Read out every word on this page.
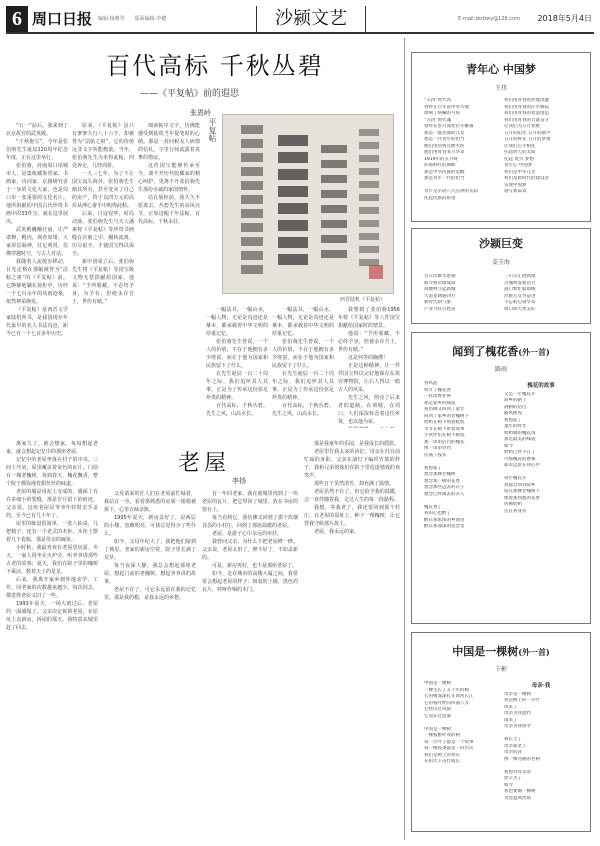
6 周口日报 编辑:杨雅琴　　版面编辑:李健	沙颍文艺	E-mail:zkrbwy@126.com 2018年5月4日
百代高标 千秋丛碧
——《平复帖》前的遐思
张恩岭

“五一”前后，我来到了北京故宫的武英殿。

“千秋抱宝”，今年是张伯驹先生诞辰120周年纪念年度，正在这里举行。

张伯驹，河南周口项城市人，是集收藏鉴赏家、书画家、诗词家、京剧研究者于一身的文化大家，也是周口市一张重要的文化名片。他所捐献的中国古代珍贵书画中的33件宝，就在这里展出。

武英殿巍峨壮丽，庄严肃穆，殿内，观者如堵。大家屏息凝神，驻足观赏，仿佛穿越时空，与古人对话。

我随着人流缓步移动，目光定格在那幅被誉为“法帖之祖”的《平复帖》前。它静静地躺在展柜中，历经一千七百余年的风雨沧桑，依然神采焕发。

《平复帖》是西晋文学家陆机所书，是我国现存年代最早的名人书法真迹，距今已有一千七百多年历史。

原来，《平复帖》虽只有寥寥九行八十六字，却被誉为“法帖之祖”，它的价值远非文字所能衡量。当年，张伯驹先生为求得此帖，四处奔走，几经周折。

一九三七年，为了不让国宝流失海外，张伯驹先生倾其所有，甚至变卖了自己的房产，终于以四万元的高价从溥心畬手中购得此帖。

后来，日寇侵华，时局动荡，张伯驹先生与夫人潘素将《平复帖》等珍贵书画缝在衣被之中，辗转流离，历尽艰辛，才使国宝得以保全。

新中国成立后，张伯驹先生将《平复帖》等国宝级文物无偿捐献给国家，他说：“予所收藏，不必终予身，为予有，但使永存吾土，世传有绪。”

细读帖中文字，仿佛能感受到陆机当年提笔时的心绪。那是一封问候友人病情的信札，字里行间流露着真挚的情谊。

这件国宝能够传承至今，离不开历代收藏家的精心呵护，更离不开张伯驹先生那份赤诚的家国情怀。

站在展柜前，我久久不愿离去。丛碧先生的高风亮节，正如这幅千年法帖，百代高标，千秋永驻。

平复帖
西晋陆机《平复帖》

一幅法书，一幅山水，一幅人物，无论是真迹还是摹本，都承载着中华文明的厚重记忆。

张伯驹先生曾说，一个人的价值，不在于他拥有多少财富，而在于他为国家和民族留下了什么。

在先生诞辰一百二十周年之际，我们追怀其人其事，正是为了传承这份弥足珍贵的精神。

百代高标，千秋丛碧。先生之风，山高水长。

一幅法书，一幅山水，一幅人物，无论是真迹还是摹本，都承载着中华文明的厚重记忆。

张伯驹先生曾说，一个人的价值，不在于他拥有多少财富，而在于他为国家和民族留下了什么。

在先生诞辰一百二十周年之际，我们追怀其人其事，正是为了传承这份弥足珍贵的精神。

百代高标，千秋丛碧。先生之风，山高水长。

我想到了张伯驹1956年将《平复帖》等八件国宝捐献给国家时的情景。

他说：“予所收藏，不必终予身，但使永存吾土，世传有绪。”

这是何等的胸襟！

正是这种精神，让一件件国宝得以完好地保存在故宫博物院，让后人得以一睹古人的风采。

先生之风，照亮了后来者的道路。在项城，在周口，人们深深怀念着这位乡贤，也以他为荣。

老屋
李扬

离家久了，就会想家。每每想起老家，就会想起记忆中的那座老屋。

记忆中的老屋坐落在村子的中央，三间土坯房，屋顶覆盖着灰色的瓦片。门前有一棵老槐树，每到春天，槐花飘香，整个院子都弥漫着甜丝丝的味道。

老屋的墙是用泥土夯成的，墙面上有许多细小的裂缝，那是岁月留下的痕迹。父亲说，这座老屋是爷爷年轻时亲手盖的，至今已有几十年了。

屋里的陈设很简单，一张八仙桌，几把椅子，还有一个老式的木柜。木柜上摆着几个瓷瓶，那是母亲的嫁妆。

小时候，我最喜欢在老屋里玩耍。冬天，一家人围坐在火炉旁，听爷爷讲那些古老的故事；夏天，我们在院子里的槐树下乘凉，数着天上的星星。

后来，我离开家乡到外地求学、工作，回老家的次数越来越少。每次回去，都觉得老屋又旧了一些。

1993年夏天，一场大雨过后，老屋的一面墙塌了。父亲决定拆掉老屋，在原址上盖新房。拆屋的那天，我特意从城里赶了回去。

父母请来的匠人们在老屋前忙碌着，我站在一旁，看着那熟悉的房梁一根根被拆下，心里五味杂陈。

1995年夏天，新房盖好了，是两层的小楼，宽敞明亮。可我总觉得少了些什么。

如今，父母年纪大了，我把他们接到了城里。老家的新房空着，院子里长满了荒草。

每当夜深人静，我总会想起那座老屋，想起门前的老槐树，想起爷爷讲的故事。

老屋不在了，可它永远留在我的记忆里。那是我的根，是我永远的乡愁。

有一年回老家，我在废墟里找到了一块老屋的瓦片，把它带回了城里，放在书房的窗台上。

每当看到它，我仿佛又回到了那个炊烟袅袅的小村庄，回到了那座温暖的老屋。

老屋，是游子心中永远的牵挂。

我曾问父亲，为什么不把老屋修一修。父亲说，老屋太旧了，修不好了，不如盖新的。

可是，新房再好，也不是那座老屋了。

如今，走在城市的高楼大厦之间，我常常会想起老屋的样子：斑驳的土墙，黑色的瓦片，吱呀作响的木门。

那是我童年的乐园，是我成长的摇篮。

老屋里有我太多的回忆：母亲在灶台前忙碌的身影，父亲在油灯下编织竹篮的样子，我和兄弟姐妹们在院子里追逐嬉戏的欢笑声。

那些日子虽然清苦，却充满了温情。

老屋虽然不在了，但它给予我的温暖，会一直伴随着我，走过人生的每一段路程。

我想，等我老了，我还要回到那个村庄，在老屋的原址上，种下一棵槐树，让它替我守候那片故土。

老屋，我永远的家。

青年心 中国梦
王伟
“五四”时代风
曾经在百年前中华大地
吹响了呐喊的号角
“五四”时代魂
曾经在岁月深处拉开帷幕
那是一群热血的儿女
那是一代青年的担当
他们用热情点燃火炬
他们用青春书写华章
1919年的五月呀
你那鲜红的旗帜
那是中华民族的觉醒
那是青年一代的担当

青年是早晨八九点钟的太阳
托起民族的希望
我们用青春的热血浇灌
我们用青春的汗水耕耘
我们用青春的智慧创造
我们用青春的力量奋斗
让我们为五月欢歌
五月的阳光 五月的歌声
五月的鲜花 五月的梦想
让我们心手相连
托起明天的太阳
托起 复兴 梦想
青年心 中国梦
我们是中华儿女
我们是新时代的建设者
实现中国梦
谱写新篇章
沙颍巨变
姜玉海
昔日沙颍水患频
如今两岸绿成荫
高楼林立起新城
大道宽阔通四方
新时代新气象
产业兴旺百姓富
三川交汇展新颜
古城焕发新活力
港口繁忙船如梭
沙颍儿女齐奋进
不忘初心谱华章
周口明天更美好
闻到了槐花香(外一首)
路雨
春风起
吹开了槐花香
一阵清香扑鼻
那是家乡的味道
我仿佛又回到了童年
回到了家乡的老槐树下
奶奶在树下纳着鞋底
爷爷在树下讲着故事
小伙伴们在树下嬉戏
那一串串洁白的槐花
像一串串铃铛
挂满了枝头

我想家了
想念那棵老槐树
想念那一树的花香
想念那些远去的日子
想念已经离去的亲人

槐花香了
我的心也醉了
醉在那浓浓的乡情里
醉在那深深的思念里
槐花的故事
又是一年槐花开
故乡的路上
满树的洁白
随风摇曳
我想起了
童年的时光
奶奶做的槐花饭
那是最美的味道
如今
奶奶已经不在了
可那槐花的香味
却永远留在我心中

每年槐花开
我都会回到故乡
站在那棵老槐树下
闻着那熟悉的花香
仿佛奶奶
还在我身旁
中国是一棵树(外一首)
卞彬
中国是一棵树
一棵生长了五千年的树
它的根深深扎在黄河长江
它的枝叶伸向四面八方
它经历过风雨
它见证过沧桑

中国是一棵树
一棵枝繁叶茂的树
每一片叶子都是一个故事
每一根枝条都是一段历史
我们是树上的果实
在阳光下茁壮成长
母亲·我
母亲是一棵树
我是树上的一片叶
风来了
母亲为我遮挡
雨来了
母亲为我撑伞

我长大了
母亲却老了
母亲的背
像一棵弯曲的老树

我想对母亲说
您辛苦了
如今
我也要做一棵树
为您遮风挡雨
